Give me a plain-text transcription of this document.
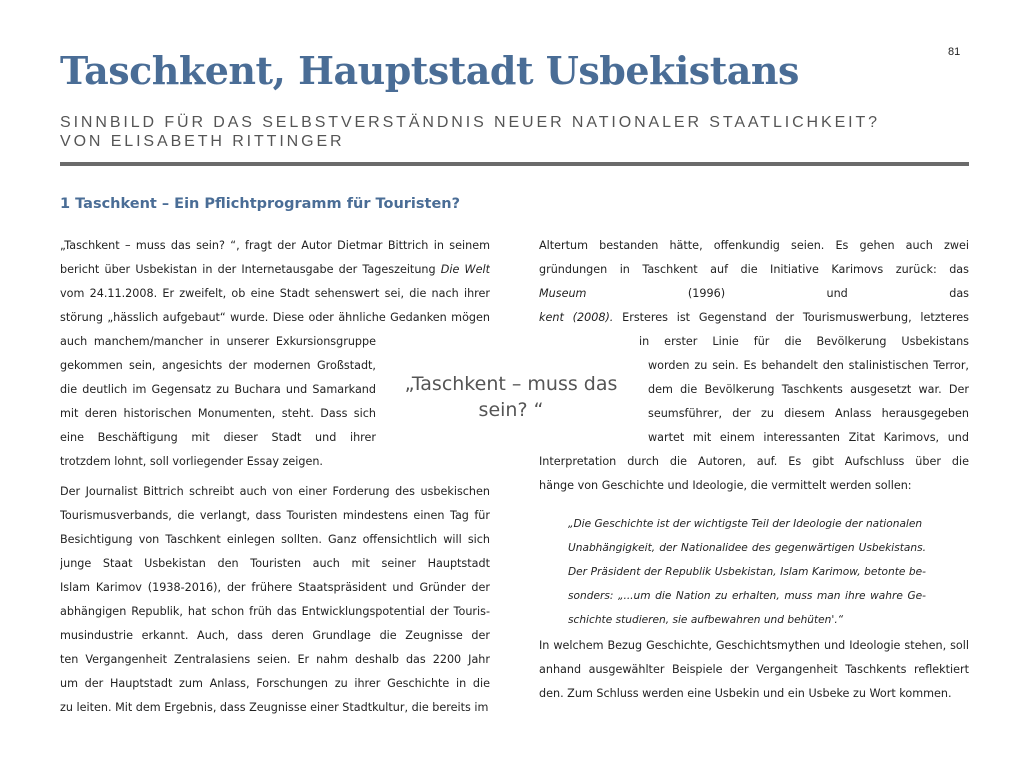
81
Taschkent, Hauptstadt Usbekistans
SINNBILD FÜR DAS SELBSTVERSTÄNDNIS NEUER NATIONALER STAATLICHKEIT?
VON ELISABETH RITTINGER
1 Taschkent – Ein Pflichtprogramm für Touristen?
„Taschkent – muss das sein? “, fragt der Autor Dietmar Bittrich in seinem
bericht über Usbekistan in der Internetausgabe der Tageszeitung Die Welt
vom 24.11.2008. Er zweifelt, ob eine Stadt sehenswert sei, die nach ihrer
störung „hässlich aufgebaut“ wurde. Diese oder ähnliche Gedanken mögen
auch manchem/mancher in unserer Exkursionsgruppe
gekommen sein, angesichts der modernen Großstadt,
die deutlich im Gegensatz zu Buchara und Samarkand
mit deren historischen Monumenten, steht. Dass sich
eine Beschäftigung mit dieser Stadt und ihrer
trotzdem lohnt, soll vorliegender Essay zeigen.
Der Journalist Bittrich schreibt auch von einer Forderung des usbekischen
Tourismusverbands, die verlangt, dass Touristen mindestens einen Tag für
Besichtigung von Taschkent einlegen sollten. Ganz offensichtlich will sich
junge Staat Usbekistan den Touristen auch mit seiner Hauptstadt
Islam Karimov (1938-2016), der frühere Staatspräsident und Gründer der
abhängigen Republik, hat schon früh das Entwicklungspotential der Touris-
musindustrie erkannt. Auch, dass deren Grundlage die Zeugnisse der
ten Vergangenheit Zentralasiens seien. Er nahm deshalb das 2200 Jahr
um der Hauptstadt zum Anlass, Forschungen zu ihrer Geschichte in die
zu leiten. Mit dem Ergebnis, dass Zeugnisse einer Stadtkultur, die bereits im
Altertum bestanden hätte, offenkundig seien. Es gehen auch zwei
gründungen in Taschkent auf die Initiative Karimovs zurück: das
Museum (1996) und das
kent (2008). Ersteres ist Gegenstand der Tourismuswerbung, letzteres
in erster Linie für die Bevölkerung Usbekistans
worden zu sein. Es behandelt den stalinistischen Terror,
dem die Bevölkerung Taschkents ausgesetzt war. Der
seumsführer, der zu diesem Anlass herausgegeben
wartet mit einem interessanten Zitat Karimovs, und
Interpretation durch die Autoren, auf. Es gibt Aufschluss über die
hänge von Geschichte und Ideologie, die vermittelt werden sollen:
„Taschkent – muss das sein? “
„Die Geschichte ist der wichtigste Teil der Ideologie der nationalen
Unabhängigkeit, der Nationalidee des gegenwärtigen Usbekistans.
Der Präsident der Republik Usbekistan, Islam Karimow, betonte be-
sonders: „...um die Nation zu erhalten, muss man ihre wahre Ge-
schichte studieren, sie aufbewahren und behüten'.“
In welchem Bezug Geschichte, Geschichtsmythen und Ideologie stehen, soll
anhand ausgewählter Beispiele der Vergangenheit Taschkents reflektiert
den. Zum Schluss werden eine Usbekin und ein Usbeke zu Wort kommen.
